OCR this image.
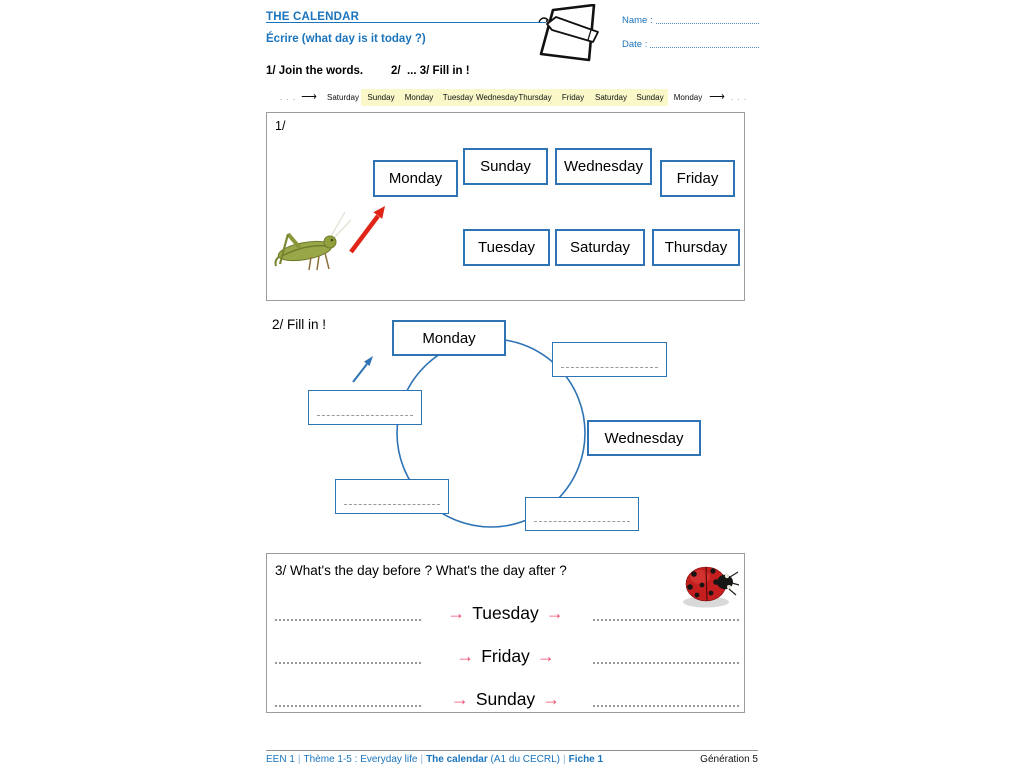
THE CALENDAR
Écrire (what day is it today ?)
Name :
Date :
1/ Join the words. 2/  ... 3/ Fill in !
. . . ⟶ Saturday Sunday Monday Tuesday Wednesday Thursday Friday Saturday Sunday Monday ⟶ . . .
1/
Monday
Sunday	Wednesday
Friday
Tuesday	Saturday	Thursday
2/ Fill in !
Monday
Wednesday
3/ What's the day before ? What's the day after ?
→ Tuesday →
→ Friday →
→ Sunday →
EEN 1 | Thème 1-5 : Everyday life | The calendar (A1 du CECRL) | Fiche 1	Génération 5
